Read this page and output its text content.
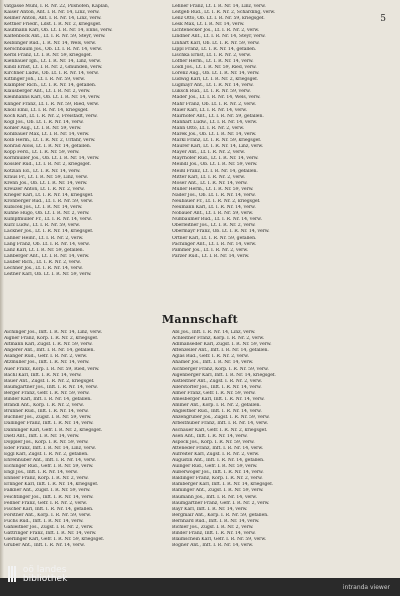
5

vatgasse Mühl, I. R. Nr. 22, Pilshofen, Kaplan,

Kaiser Anton, Ant. I. R. Nr. 14, Linz, verw.

Kellner Anton, Ant. I. R. Nr. 14, Linz, verw.

Kettner Friedr., Ldst. I. R. Nr. 2, kriegsgef.

Kaufmann Karl, Ob. Lt. I. R. Nr. 14, Enns, verw.

Kaltenböck Ant., Lt. I. R. Nr. 59, Steyr, verw.

Keiblinger Rud., I. R. Nr. 14, Wels, verw.

Kerschbaum Jos., Ob. Lt. I. R. Nr. 14, verw.

Kerbl Franz, Lt. I. R. Nr. 59, kriegsgef.

Kienbauer Ign., Lt. I. R. Nr. 14, Linz, verw.

Kindl Ernst, Lt. I. R. Nr. 2, Gmunden, verw.

Kirchner Ludw., Ob. Lt. I. R. Nr. 14, verw.

Kittinger Joh., Lt. I. R. Nr. 59, verw.

Klampfer Rich., Lt. I. R. Nr. 14, gefallen.

Klausberger Ant., Lt. I. R. Nr. 2, verw.

Kleinhanns Karl, Ob. Lt. I. R. Nr. 14, verw.

Klinger Franz, Lt. I. R. Nr. 59, Ried, verw.

Knoll Emil, Lt. I. R. Nr. 14, kriegsgef.

Koch Karl, Lt. I. R. Nr. 2, Freistadt, verw.

Kögl Jos., Ob. Lt. I. R. Nr. 14, verw.

Köhler Aug., Lt. I. R. Nr. 59, verw.

Kohlbauer Max, Lt. I. R. Nr. 14, verw.

Kolb Herm., Lt. I. R. Nr. 2, Urfahr, verw.

Konrad Alois, Lt. I. R. Nr. 14, gefallen.

Kopp Ferd., Lt. I. R. Nr. 59, verw.

Kornmüller Jos., Ob. Lt. I. R. Nr. 14, verw.

Kössler Rud., Lt. I. R. Nr. 2, kriegsgef.

Kotzian Ed., Lt. I. R. Nr. 14, verw.

Kraus Fr., Lt. I. R. Nr. 59, Linz, verw.

Krenn Jos., Ob. Lt. I. R. Nr. 14, verw.

Kreuzer Anton, Lt. I. R. Nr. 2, verw.

Krieger Karl, Lt. I. R. Nr. 14, kriegsgef.

Kronberger Rud., Lt. I. R. Nr. 59, verw.

Kubicek Jos., Lt. I. R. Nr. 14, verw.

Kühne Hugo, Ob. Lt. I. R. Nr. 2, verw.

Kumpfmüller Fr., Lt. I. R. Nr. 14, verw.

Kurz Ludw., Lt. I. R. Nr. 59, verw.

Lackner Jos., Lt. I. R. Nr. 14, kriegsgef.

Lahner Heinr., Lt. I. R. Nr. 2, verw.

Lang Franz, Ob. Lt. I. R. Nr. 14, verw.

Lanz Karl, Lt. I. R. Nr. 59, gefallen.

Laßberger Ant., Lt. I. R. Nr. 14, verw.

Lauber Rich., Lt. I. R. Nr. 2, verw.

Lechner Jos., Lt. I. R. Nr. 14, verw.

Leitner Karl, Ob. Lt. I. R. Nr. 59, verw.

Lehner Franz, Lt. I. R. Nr. 14, Linz, verw.

Leitgeb Rud., Lt. I. R. Nr. 2, Schärding, verw.

Lenz Otto, Ob. Lt. I. R. Nr. 59, kriegsgef.

Lesk Max, Lt. I. R. Nr. 14, verw.

Lichtenecker Jos., Lt. I. R. Nr. 2, verw.

Lindner Ant., Lt. I. R. Nr. 14, Steyr, verw.

Linhart Karl, Ob. Lt. I. R. Nr. 59, verw.

Lippl Franz, Lt. I. R. Nr. 14, gefallen.

Lischka Ernst, Lt. I. R. Nr. 2, verw.

Löffler Herm., Lt. I. R. Nr. 14, verw.

Loidl Jos., Lt. I. R. Nr. 59, Ried, verw.

Lorenz Aug., Ob. Lt. I. R. Nr. 14, verw.

Ludwig Karl, Lt. I. R. Nr. 2, kriegsgef.

Lugmayr Ant., Lt. I. R. Nr. 14, verw.

Luksch Rud., Lt. I. R. Nr. 59, verw.

Mader Jos., Lt. I. R. Nr. 14, Wels, verw.

Mahr Franz, Ob. Lt. I. R. Nr. 2, verw.

Maier Karl, Lt. I. R. Nr. 14, verw.

Mairhofer Ant., Lt. I. R. Nr. 59, gefallen.

Manhart Ludw., Lt. I. R. Nr. 14, verw.

Mann Otto, Lt. I. R. Nr. 2, verw.

Marek Jos., Ob. Lt. I. R. Nr. 14, verw.

Markl Franz, Lt. I. R. Nr. 59, kriegsgef.

Maurer Karl, Lt. I. R. Nr. 14, Linz, verw.

Mayer Ant., Lt. I. R. Nr. 2, verw.

Mayrhofer Rud., Lt. I. R. Nr. 14, verw.

Meindl Jos., Ob. Lt. I. R. Nr. 59, verw.

Meißl Franz, Lt. I. R. Nr. 14, gefallen.

Mitter Karl, Lt. I. R. Nr. 2, verw.

Moser Ant., Lt. I. R. Nr. 14, verw.

Müller Herm., Lt. I. R. Nr. 59, verw.

Nader Jos., Ob. Lt. I. R. Nr. 14, verw.

Neubauer Fr., Lt. I. R. Nr. 2, kriegsgef.

Neumann Karl, Lt. I. R. Nr. 14, verw.

Nöbauer Ant., Lt. I. R. Nr. 59, verw.

Nußbaumer Rud., Lt. I. R. Nr. 14, verw.

Oberleitner Jos., Lt. I. R. Nr. 2, verw.

Obermayr Franz, Ob. Lt. I. R. Nr. 14, verw.

Ortner Karl, Lt. I. R. Nr. 59, gefallen.

Pachinger Ant., Lt. I. R. Nr. 14, verw.

Pammer Jos., Lt. I. R. Nr. 2, verw.

Parzer Rud., Lt. I. R. Nr. 14, verw.

Mannschaft

Aichinger Jos., Inft. I. R. Nr. 14, Linz, verw.

Aigner Franz, Korp. I. R. Nr. 2, kriegsgef.

Altmann Karl, Zugsf. I. R. Nr. 59, verw.

Angerer Ant., Inft. I. R. Nr. 14, gefallen.

Asanger Rud., Gefr. I. R. Nr. 2, verw.

Atzmüller Jos., Inft. I. R. Nr. 14, verw.

Auer Franz, Korp. I. R. Nr. 59, Ried, verw.

Bachl Karl, Inft. I. R. Nr. 14, verw.

Bauer Ant., Zugsf. I. R. Nr. 2, kriegsgef.

Baumgartner Jos., Inft. I. R. Nr. 14, verw.

Berger Franz, Gefr. I. R. Nr. 59, verw.

Binder Karl, Inft. I. R. Nr. 14, gefallen.

Brandl Ant., Korp. I. R. Nr. 2, verw.

Brunner Rud., Inft. I. R. Nr. 14, verw.

Buchner Jos., Zugsf. I. R. Nr. 59, verw.

Dallinger Franz, Inft. I. R. Nr. 14, verw.

Danninger Karl, Gefr. I. R. Nr. 2, kriegsgef.

Dietl Ant., Inft. I. R. Nr. 14, verw.

Doppler Jos., Korp. I. R. Nr. 59, verw.

Eder Franz, Inft. I. R. Nr. 14, Linz, verw.

Eggl Karl, Zugsf. I. R. Nr. 2, gefallen.

Ehrenhuber Ant., Inft. I. R. Nr. 14, verw.

Eichinger Rud., Gefr. I. R. Nr. 59, verw.

Engl Jos., Inft. I. R. Nr. 14, verw.

Ennser Franz, Korp. I. R. Nr. 2, verw.

Erlinger Karl, Inft. I. R. Nr. 14, kriegsgef.

Falkner Ant., Zugsf. I. R. Nr. 59, verw.

Feichtinger Jos., Inft. I. R. Nr. 14, verw.

Fellner Franz, Gefr. I. R. Nr. 2, verw.

Fischer Karl, Inft. I. R. Nr. 14, gefallen.

Forstner Ant., Korp. I. R. Nr. 59, verw.

Fuchs Rud., Inft. I. R. Nr. 14, verw.

Gahleitner Jos., Zugsf. I. R. Nr. 2, verw.

Gattringer Franz, Inft. I. R. Nr. 14, verw.

Gierlinger Karl, Gefr. I. R. Nr. 59, kriegsgef.

Gruber Ant., Inft. I. R. Nr. 14, verw.

Abl Jos., Inft. I. R. Nr. 14, Linz, verw.

Achleitner Franz, Korp. I. R. Nr. 2, verw.

Adlmanseder Karl, Zugsf. I. R. Nr. 59, verw.

Affenzeller Ant., Inft. I. R. Nr. 14, gefallen.

Aglas Rud., Gefr. I. R. Nr. 2, verw.

Ahamer Jos., Inft. I. R. Nr. 14, verw.

Aichberger Franz, Korp. I. R. Nr. 59, verw.

Aigenberger Karl, Inft. I. R. Nr. 14, kriegsgef.

Aistleitner Ant., Zugsf. I. R. Nr. 2, verw.

Allerstorfer Jos., Inft. I. R. Nr. 14, verw.

Almer Franz, Gefr. I. R. Nr. 59, verw.

Amesberger Karl, Inft. I. R. Nr. 14, verw.

Ammer Ant., Korp. I. R. Nr. 2, gefallen.

Angleitner Rud., Inft. I. R. Nr. 14, verw.

Anzengruber Jos., Zugsf. I. R. Nr. 59, verw.

Arbeithuber Franz, Inft. I. R. Nr. 14, verw.

Aschauer Karl, Gefr. I. R. Nr. 2, kriegsgef.

Asen Ant., Inft. I. R. Nr. 14, verw.

Aspöck Jos., Korp. I. R. Nr. 59, verw.

Atteneder Franz, Inft. I. R. Nr. 14, verw.

Aufreiter Karl, Zugsf. I. R. Nr. 2, verw.

Augustin Ant., Inft. I. R. Nr. 14, gefallen.

Auinger Rud., Gefr. I. R. Nr. 59, verw.

Außerwöger Jos., Inft. I. R. Nr. 14, verw.

Baldinger Franz, Korp. I. R. Nr. 2, verw.

Bamberger Karl, Inft. I. R. Nr. 14, kriegsgef.

Baminger Ant., Zugsf. I. R. Nr. 59, verw.

Baumann Jos., Inft. I. R. Nr. 14, verw.

Baumgartner Franz, Gefr. I. R. Nr. 2, verw.

Bayr Karl, Inft. I. R. Nr. 14, verw.

Bergmair Ant., Korp. I. R. Nr. 59, gefallen.

Bernhard Rud., Inft. I. R. Nr. 14, verw.

Bichler Jos., Zugsf. I. R. Nr. 2, verw.

Binder Franz, Inft. I. R. Nr. 14, verw.

Blaimschein Karl, Gefr. I. R. Nr. 59, verw.

Bogner Ant., Inft. I. R. Nr. 14, verw.

oö landes
bibliothek
intranda viewer
